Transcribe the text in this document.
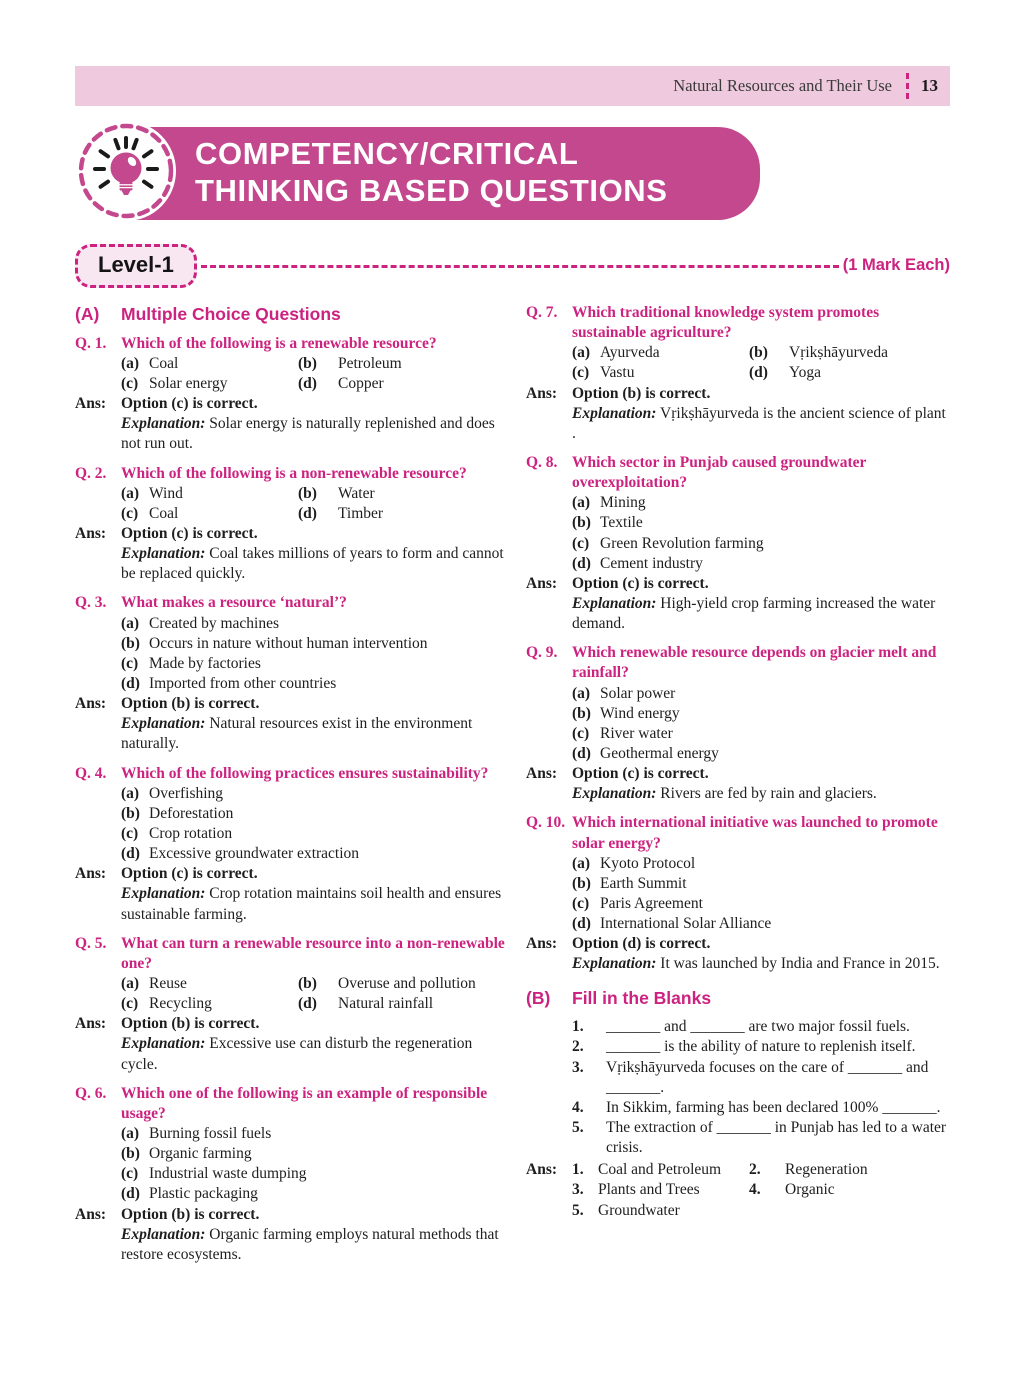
Natural Resources and Their Use 13
COMPETENCY/CRITICAL
THINKING BASED QUESTIONS
Level-1	(1 Mark Each)
(A)	Multiple Choice Questions
Q. 1. Which of the following is a renewable resource?
(a) Coal	(b)	Petroleum
(c) Solar energy	(d)	Copper
Ans: Option (c) is correct.
Explanation: Solar energy is naturally replenished and does not run out.
Q. 2. Which of the following is a non-renewable resource?
(a) Wind	(b)	Water
(c) Coal	(d)	Timber
Ans: Option (c) is correct.
Explanation: Coal takes millions of years to form and cannot be replaced quickly.
Q. 3. What makes a resource ‘natural’?
(a) Created by machines
(b) Occurs in nature without human intervention
(c) Made by factories
(d) Imported from other countries
Ans: Option (b) is correct.
Explanation: Natural resources exist in the environment naturally.
Q. 4. Which of the following practices ensures sustainability?
(a) Overfishing
(b) Deforestation
(c) Crop rotation
(d) Excessive groundwater extraction
Ans: Option (c) is correct.
Explanation: Crop rotation maintains soil health and ensures sustainable farming.
Q. 5. What can turn a renewable resource into a non-renewable one?
(a) Reuse	(b)	Overuse and pollution
(c) Recycling	(d)	Natural rainfall
Ans: Option (b) is correct.
Explanation: Excessive use can disturb the regeneration cycle.
Q. 6. Which one of the following is an example of responsible usage?
(a) Burning fossil fuels
(b) Organic farming
(c) Industrial waste dumping
(d) Plastic packaging
Ans: Option (b) is correct.
Explanation: Organic farming employs natural methods that restore ecosystems.
Q. 7. Which traditional knowledge system promotes sustainable agriculture?
(a) Ayurveda	(b)	Vṛikṣhāyurveda
(c) Vastu	(d)	Yoga
Ans: Option (b) is correct.
Explanation: Vṛikṣhāyurveda is the ancient science of plant .
Q. 8. Which sector in Punjab caused groundwater overexploitation?
(a) Mining
(b) Textile
(c) Green Revolution farming
(d) Cement industry
Ans: Option (c) is correct.
Explanation: High-yield crop farming increased the water demand.
Q. 9. Which renewable resource depends on glacier melt and rainfall?
(a) Solar power
(b) Wind energy
(c) River water
(d) Geothermal energy
Ans: Option (c) is correct.
Explanation: Rivers are fed by rain and glaciers.
Q. 10. Which international initiative was launched to promote solar energy?
(a) Kyoto Protocol
(b) Earth Summit
(c) Paris Agreement
(d) International Solar Alliance
Ans: Option (d) is correct.
Explanation: It was launched by India and France in 2015.
(B)	Fill in the Blanks
1.	_______ and _______ are two major fossil fuels.
2.	_______ is the ability of nature to replenish itself.
3.	Vṛikṣhāyurveda focuses on the care of _______ and _______.
4.	In Sikkim, farming has been declared 100% _______.
5.	The extraction of _______ in Punjab has led to a water crisis.
Ans: 1. Coal and Petroleum	2.	Regeneration
3. Plants and Trees	4.	Organic
5. Groundwater
